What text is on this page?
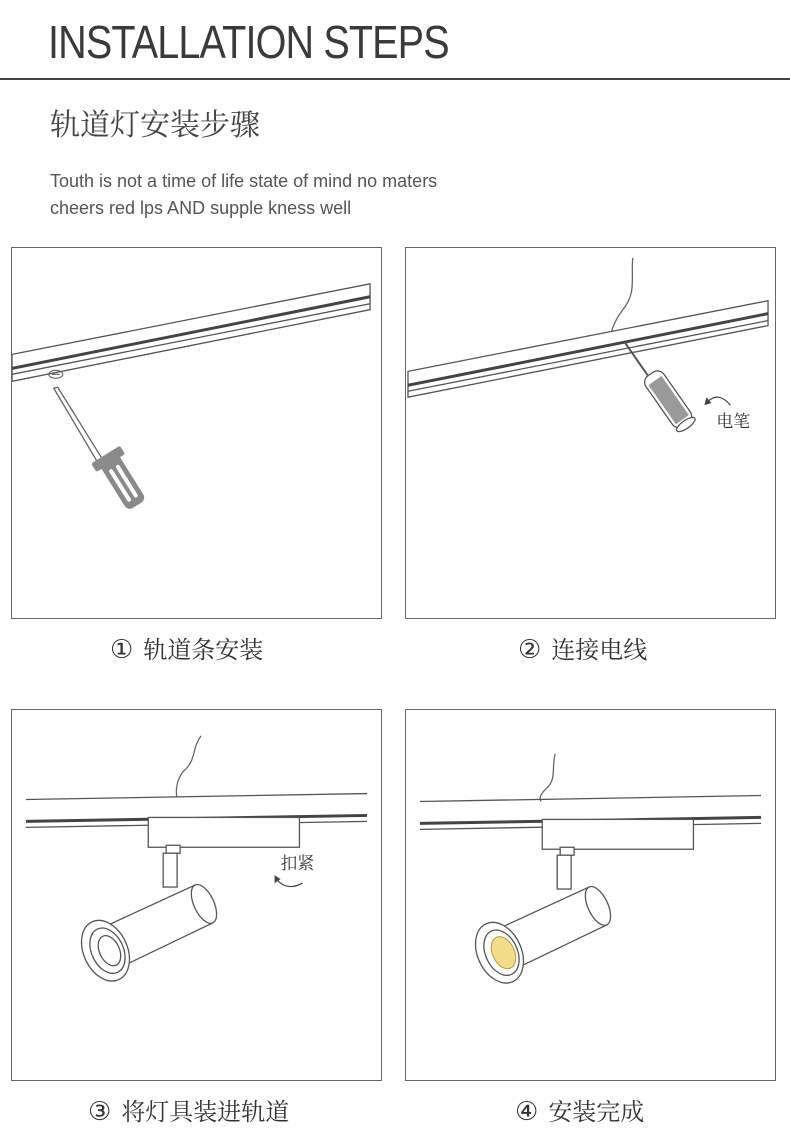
INSTALLATION STEPS
轨道灯安装步骤
Touth is not a time of life state of mind no maters
cheers red lps AND supple kness well
电笔
扣紧
① 轨道条安装	② 连接电线
③ 将灯具装进轨道	④ 安装完成
